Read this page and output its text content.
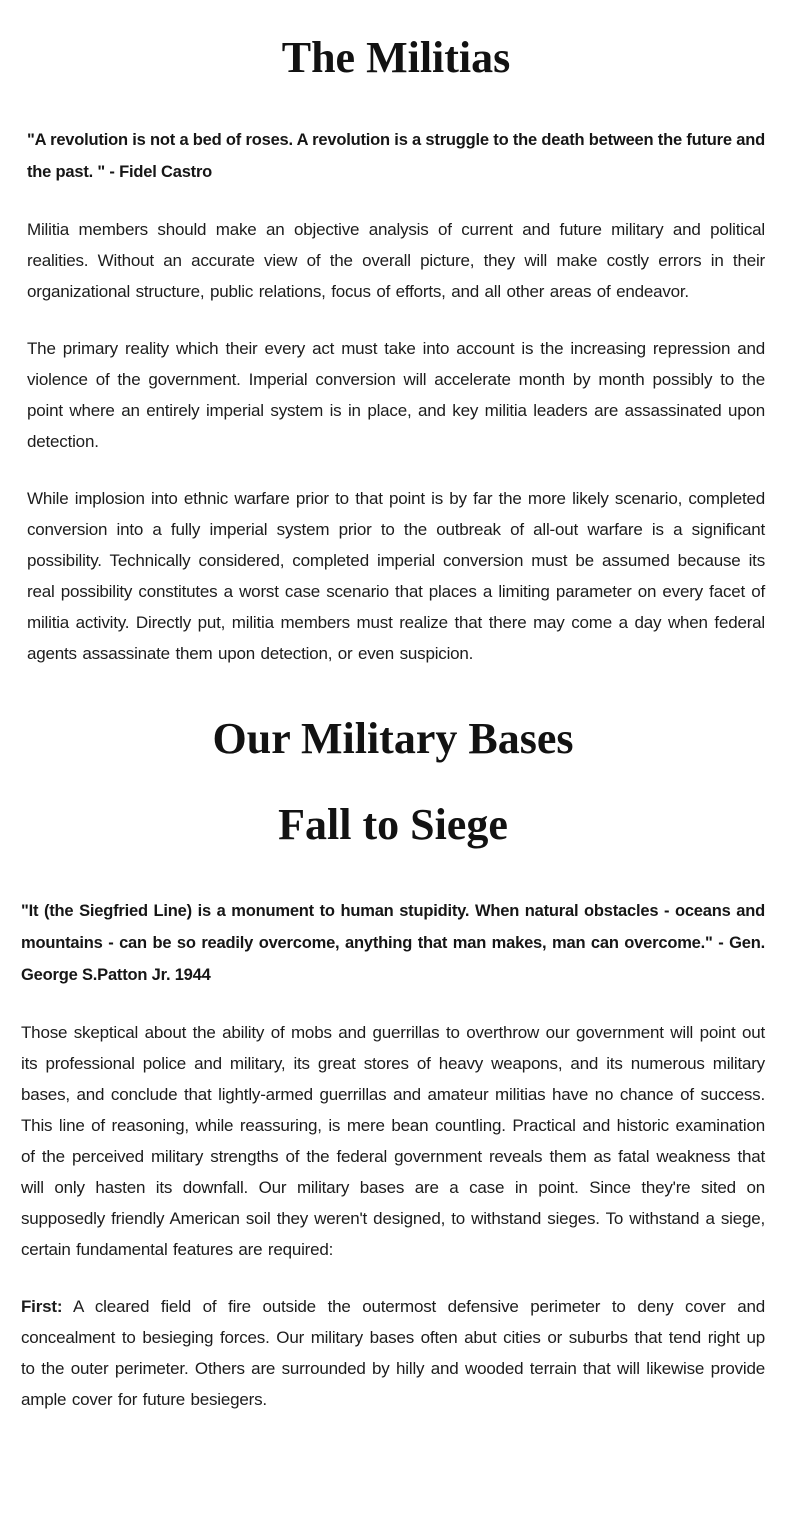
The Militias
"A revolution is not a bed of roses. A revolution is a struggle to the death between the future and the past. " - Fidel Castro

Militia members should make an objective analysis of current and future military and political realities. Without an accurate view of the overall picture, they will make costly errors in their organizational structure, public relations, focus of efforts, and all other areas of endeavor.

The primary reality which their every act must take into account is the increasing repression and violence of the government. Imperial conversion will accelerate month by month possibly to the point where an entirely imperial system is in place, and key militia leaders are assassinated upon detection.

While implosion into ethnic warfare prior to that point is by far the more likely scenario, completed conversion into a fully imperial system prior to the outbreak of all-out warfare is a significant possibility. Technically considered, completed imperial conversion must be assumed because its real possibility constitutes a worst case scenario that places a limiting parameter on every facet of militia activity. Directly put, militia members must realize that there may come a day when federal agents assassinate them upon detection, or even suspicion.

Our Military Bases
Fall to Siege
"It (the Siegfried Line) is a monument to human stupidity. When natural obstacles - oceans and mountains - can be so readily overcome, anything that man makes, man can overcome." - Gen. George S.Patton Jr. 1944

Those skeptical about the ability of mobs and guerrillas to overthrow our government will point out its professional police and military, its great stores of heavy weapons, and its numerous military bases, and conclude that lightly-armed guerrillas and amateur militias have no chance of success. This line of reasoning, while reassuring, is mere bean countling. Practical and historic examination of the perceived military strengths of the federal government reveals them as fatal weakness that will only hasten its downfall. Our military bases are a case in point. Since they're sited on supposedly friendly American soil they weren't designed, to withstand sieges. To withstand a siege, certain fundamental features are required:

First: A cleared field of fire outside the outermost defensive perimeter to deny cover and concealment to besieging forces. Our military bases often abut cities or suburbs that tend right up to the outer perimeter. Others are surrounded by hilly and wooded terrain that will likewise provide ample cover for future besiegers.
